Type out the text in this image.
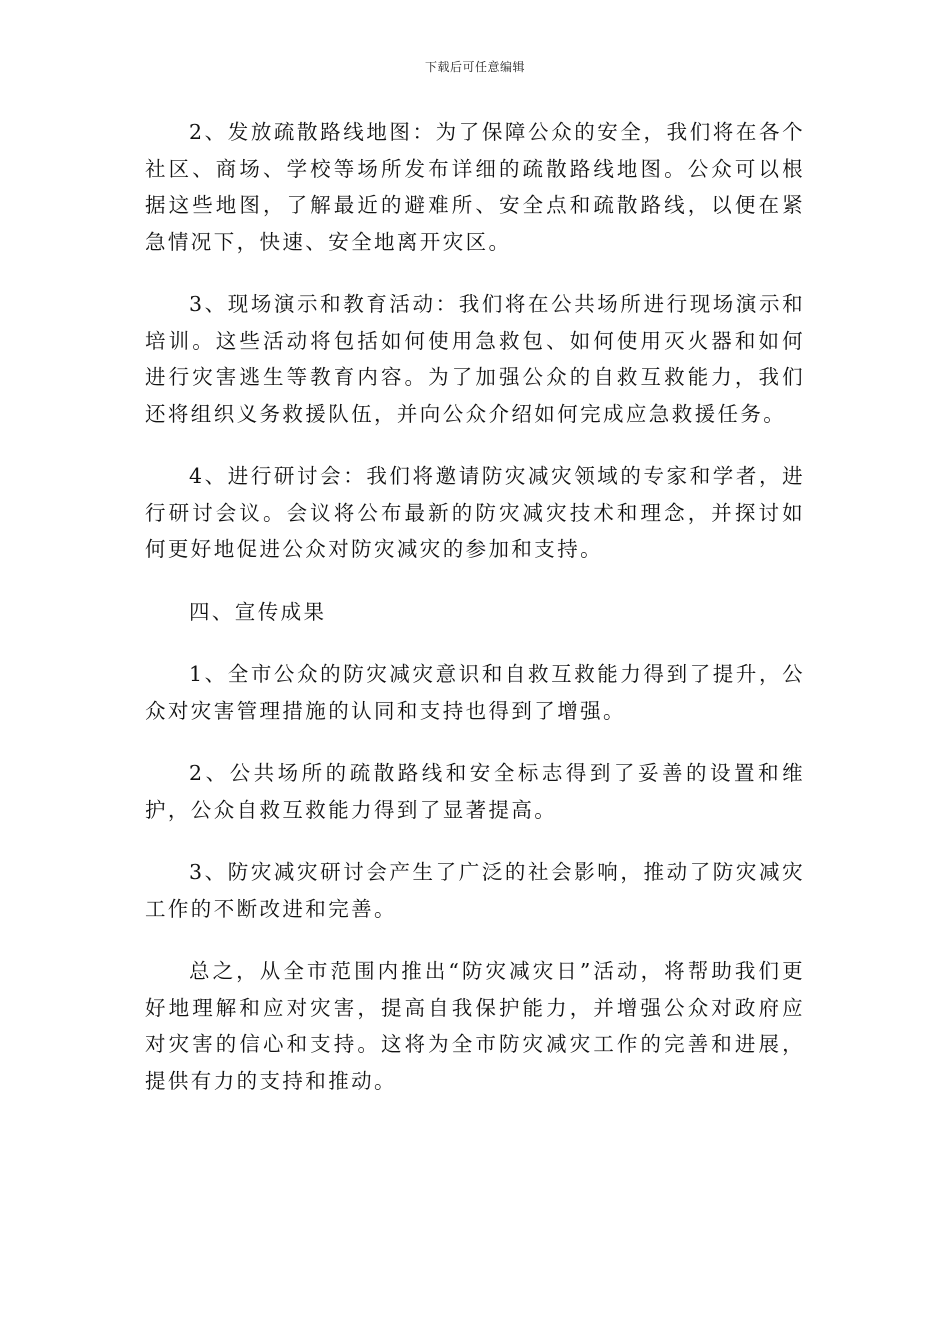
下载后可任意编辑

2、发放疏散路线地图：为了保障公众的安全，我们将在各个社区、商场、学校等场所发布详细的疏散路线地图。公众可以根据这些地图，了解最近的避难所、安全点和疏散路线，以便在紧急情况下，快速、安全地离开灾区。

3、现场演示和教育活动：我们将在公共场所进行现场演示和培训。这些活动将包括如何使用急救包、如何使用灭火器和如何进行灾害逃生等教育内容。为了加强公众的自救互救能力，我们还将组织义务救援队伍，并向公众介绍如何完成应急救援任务。

4、进行研讨会：我们将邀请防灾减灾领域的专家和学者，进行研讨会议。会议将公布最新的防灾减灾技术和理念，并探讨如何更好地促进公众对防灾减灾的参加和支持。

四、宣传成果

1、全市公众的防灾减灾意识和自救互救能力得到了提升，公众对灾害管理措施的认同和支持也得到了增强。

2、公共场所的疏散路线和安全标志得到了妥善的设置和维护，公众自救互救能力得到了显著提高。

3、防灾减灾研讨会产生了广泛的社会影响，推动了防灾减灾工作的不断改进和完善。

总之，从全市范围内推出“防灾减灾日”活动，将帮助我们更好地理解和应对灾害，提高自我保护能力，并增强公众对政府应对灾害的信心和支持。这将为全市防灾减灾工作的完善和进展，提供有力的支持和推动。
